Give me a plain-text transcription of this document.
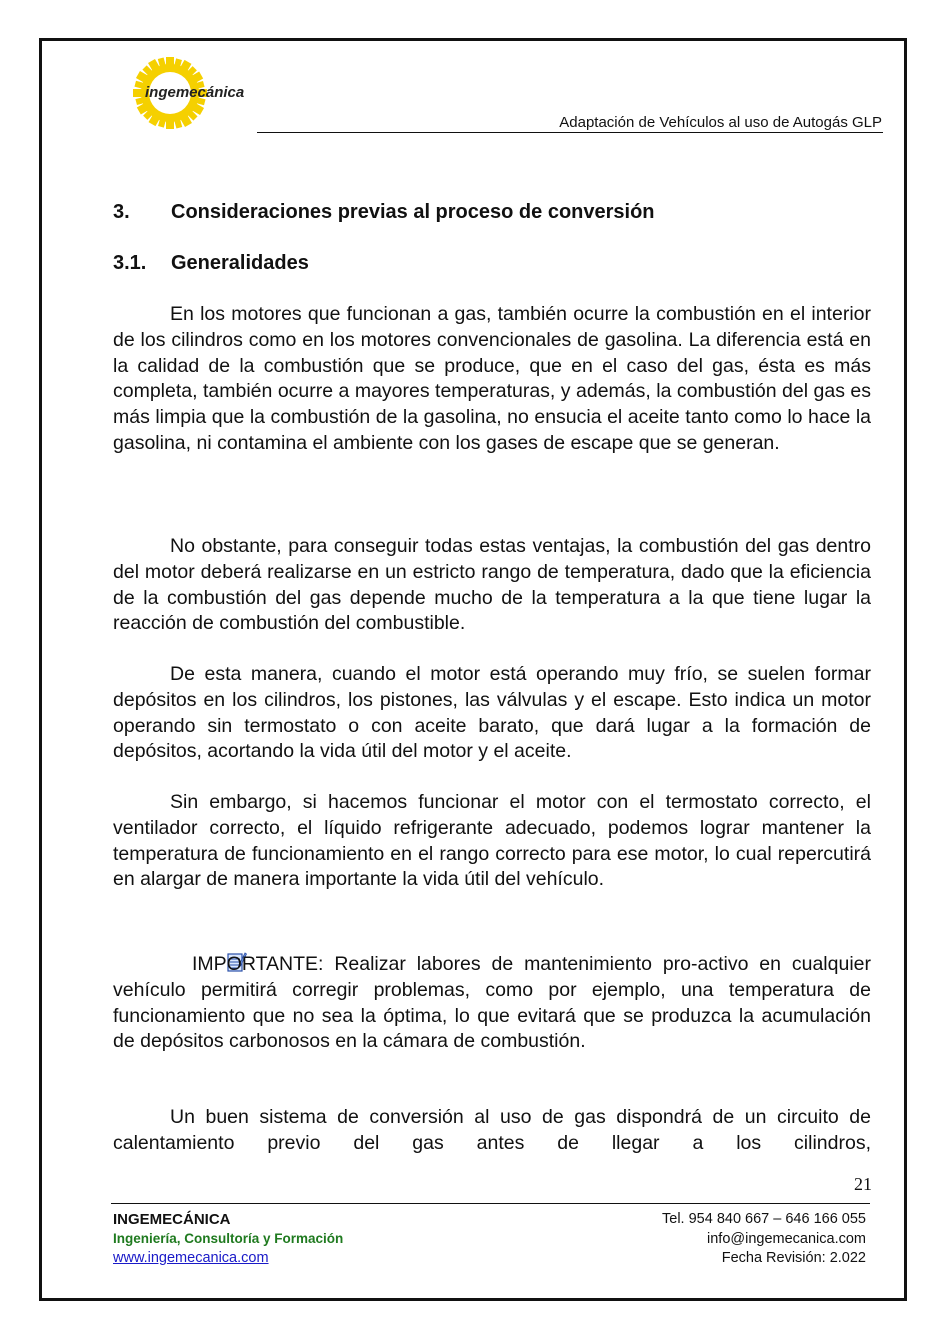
ingemecánica
Adaptación de Vehículos al uso de Autogás GLP
3. Consideraciones previas al proceso de conversión
3.1. Generalidades

En los motores que funcionan a gas, también ocurre la combustión en el interior de los cilindros como en los motores convencionales de gasolina. La diferencia está en la calidad de la combustión que se produce, que en el caso del gas, ésta es más completa, también ocurre a mayores temperaturas, y además, la combustión del gas es más limpia que la combustión de la gasolina, no ensucia el aceite tanto como lo hace la gasolina, ni contamina el ambiente con los gases de escape que se generan.

No obstante, para conseguir todas estas ventajas, la combustión del gas dentro del motor deberá realizarse en un estricto rango de temperatura, dado que la eficiencia de la combustión del gas depende mucho de la temperatura a la que tiene lugar la reacción de combustión del combustible.

De esta manera, cuando el motor está operando muy frío, se suelen formar depósitos en los cilindros, los pistones, las válvulas y el escape. Esto indica un motor operando sin termostato o con aceite barato, que dará lugar a la formación de depósitos, acortando la vida útil del motor y el aceite.

Sin embargo, si hacemos funcionar el motor con el termostato correcto, el ventilador correcto, el líquido refrigerante adecuado, podemos lograr mantener la temperatura de funcionamiento en el rango correcto para ese motor, lo cual repercutirá en alargar de manera importante la vida útil del vehículo.

IMPORTANTE: Realizar labores de mantenimiento pro-activo en cualquier vehículo permitirá corregir problemas, como por ejemplo, una temperatura de funcionamiento que no sea la óptima, lo que evitará que se produzca la acumulación de depósitos carbonosos en la cámara de combustión.

Un buen sistema de conversión al uso de gas dispondrá de un circuito de calentamiento previo del gas antes de llegar a los cilindros,

21
INGEMECÁNICA
Ingeniería, Consultoría y Formación
www.ingemecanica.com
Tel. 954 840 667 – 646 166 055
info@ingemecanica.com
Fecha Revisión: 2.022
